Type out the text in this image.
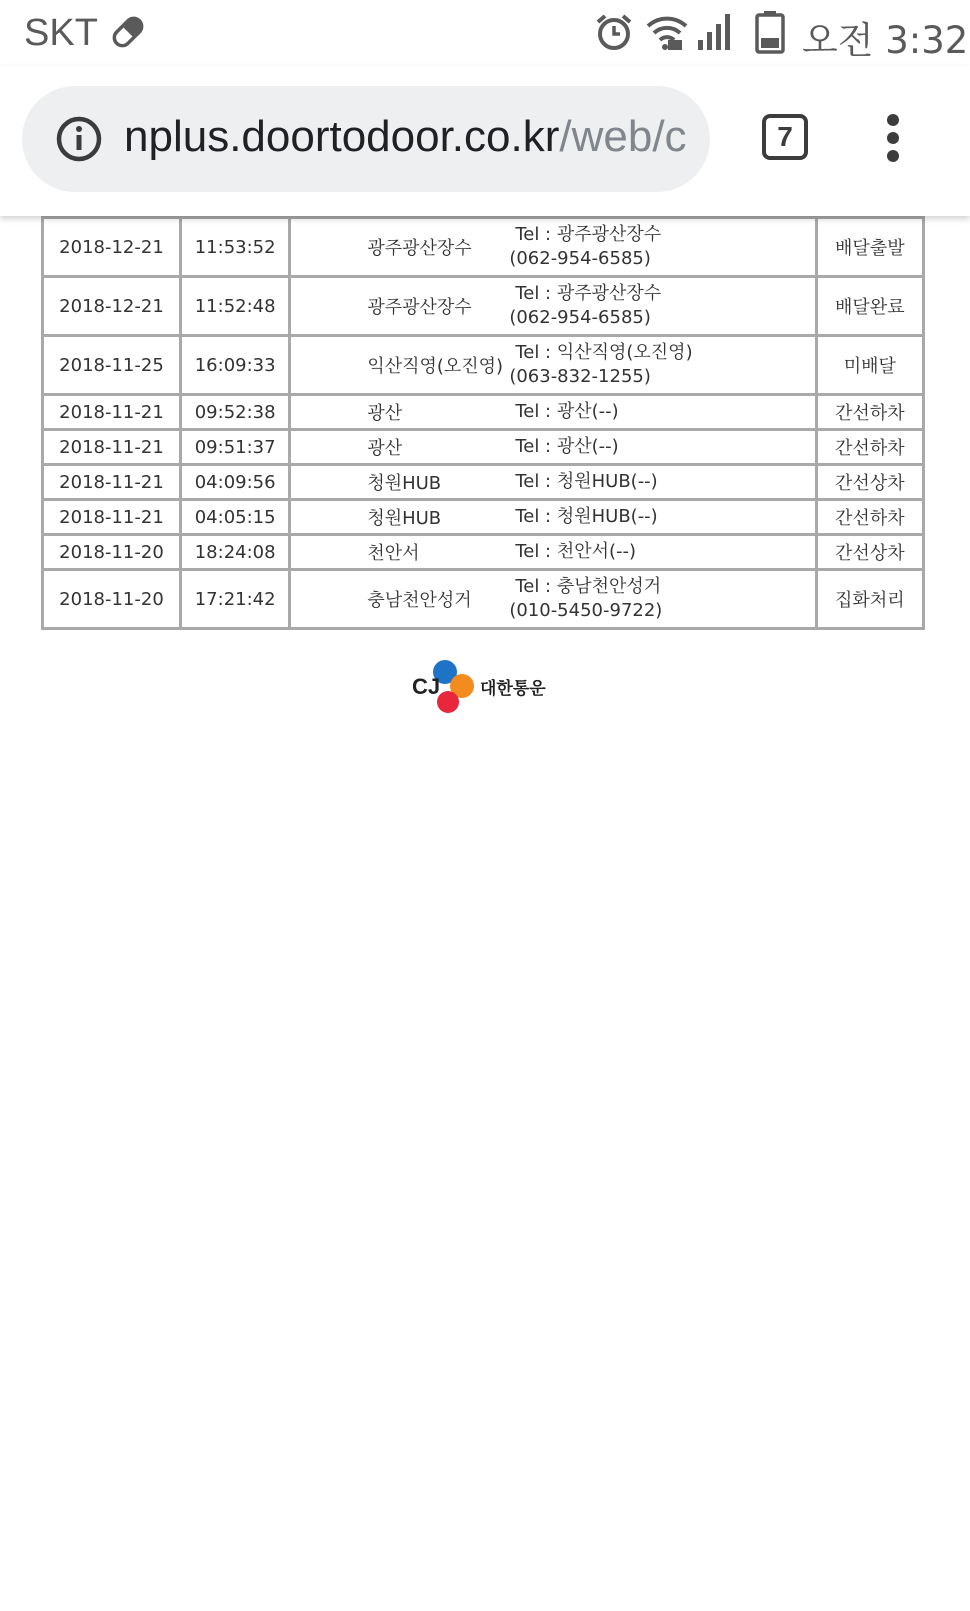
SKT	오전 3:32
nplus.doortodoor.co.kr/web/c	7
2018-12-21	11:53:52	광주광산장수
Tel : 광주광산장수
(062-954-6585)	배달출발
2018-12-21	11:52:48	광주광산장수
Tel : 광주광산장수
(062-954-6585)	배달완료
2018-11-25	16:09:33	익산직영(오진영)
Tel : 익산직영(오진영)
(063-832-1255)	미배달
2018-11-21	09:52:38	광산 Tel : 광산(--)	간선하차
2018-11-21	09:51:37	광산 Tel : 광산(--)	간선하차
2018-11-21	04:09:56	청원HUB Tel : 청원HUB(--)	간선상차
2018-11-21	04:05:15	청원HUB Tel : 청원HUB(--)	간선하차
2018-11-20	18:24:08	천안서 Tel : 천안서(--)	간선상차
2018-11-20	17:21:42	충남천안성거
Tel : 충남천안성거
(010-5450-9722)	집화처리
CJ 대한통운
